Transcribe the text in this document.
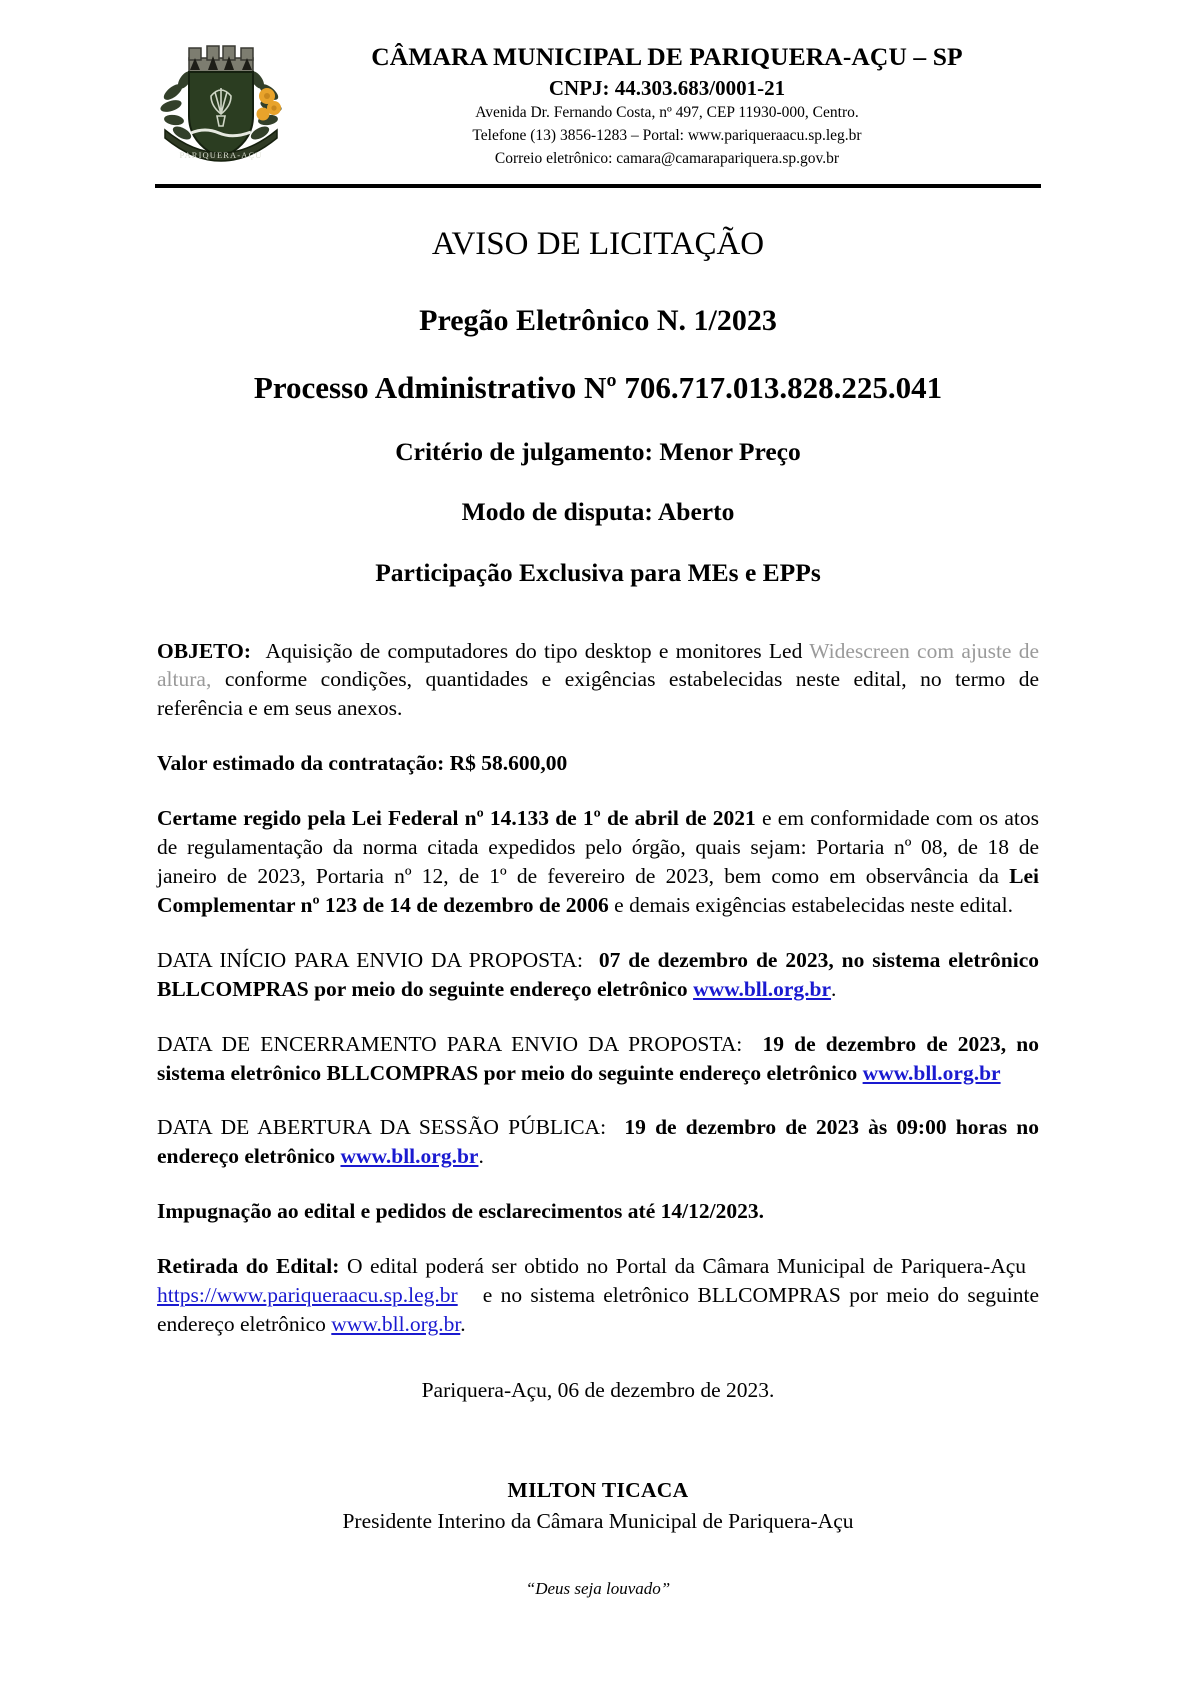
PARIQUERA-AÇU
CÂMARA MUNICIPAL DE PARIQUERA-AÇU – SP
CNPJ: 44.303.683/0001-21
Avenida Dr. Fernando Costa, nº 497, CEP 11930-000, Centro.
Telefone (13) 3856-1283 – Portal: www.pariqueraacu.sp.leg.br
Correio eletrônico: camara@camarapariquera.sp.gov.br
AVISO DE LICITAÇÃO
Pregão Eletrônico N. 1/2023
Processo Administrativo Nº 706.717.013.828.225.041
Critério de julgamento: Menor Preço
Modo de disputa: Aberto
Participação Exclusiva para MEs e EPPs

OBJETO: Aquisição de computadores do tipo desktop e monitores Led Widescreen com ajuste de altura, conforme condições, quantidades e exigências estabelecidas neste edital, no termo de referência e em seus anexos.

Valor estimado da contratação: R$ 58.600,00

Certame regido pela Lei Federal nº 14.133 de 1º de abril de 2021 e em conformidade com os atos de regulamentação da norma citada expedidos pelo órgão, quais sejam: Portaria nº 08, de 18 de janeiro de 2023, Portaria nº 12, de 1º de fevereiro de 2023, bem como em observância da Lei Complementar nº 123 de 14 de dezembro de 2006 e demais exigências estabelecidas neste edital.

DATA INÍCIO PARA ENVIO DA PROPOSTA: 07 de dezembro de 2023, no sistema eletrônico BLLCOMPRAS por meio do seguinte endereço eletrônico www.bll.org.br.

DATA DE ENCERRAMENTO PARA ENVIO DA PROPOSTA: 19 de dezembro de 2023, no sistema eletrônico BLLCOMPRAS por meio do seguinte endereço eletrônico www.bll.org.br

DATA DE ABERTURA DA SESSÃO PÚBLICA: 19 de dezembro de 2023 às 09:00 horas no endereço eletrônico www.bll.org.br.

Impugnação ao edital e pedidos de esclarecimentos até 14/12/2023.

Retirada do Edital: O edital poderá ser obtido no Portal da Câmara Municipal de Pariquera-Açu   https://www.pariqueraacu.sp.leg.br e no sistema eletrônico BLLCOMPRAS por meio do seguinte endereço eletrônico www.bll.org.br.

Pariquera-Açu, 06 de dezembro de 2023.
MILTON TICACA
Presidente Interino da Câmara Municipal de Pariquera-Açu
“Deus seja louvado”
